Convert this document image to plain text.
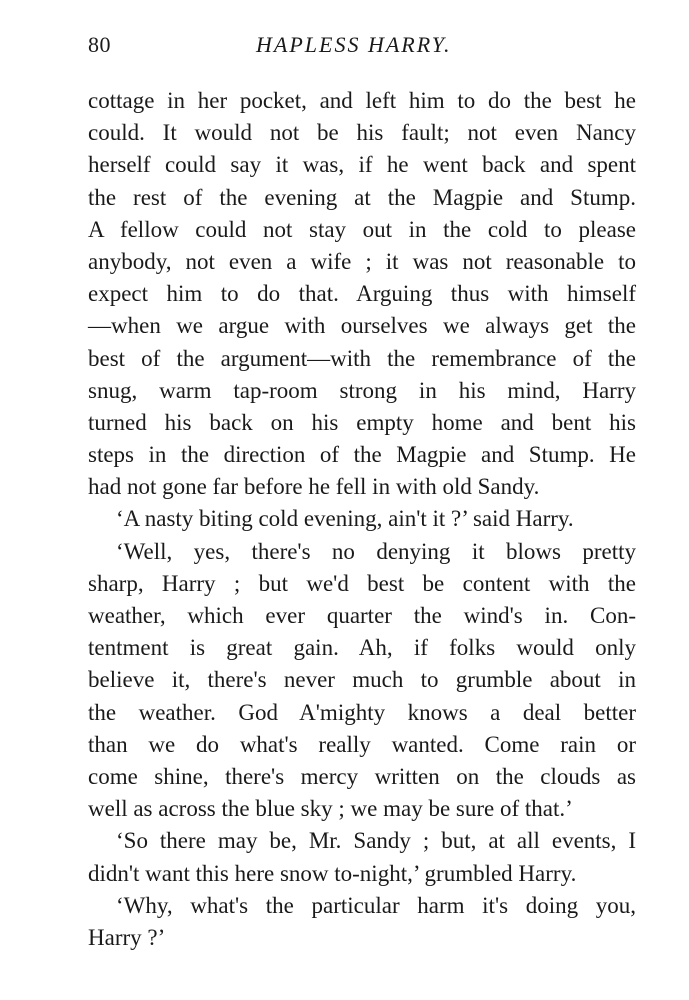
80	HAPLESS HARRY.
cottage in her pocket, and left him to do the best he
could. It would not be his fault; not even Nancy
herself could say it was, if he went back and spent
the rest of the evening at the Magpie and Stump.
A fellow could not stay out in the cold to please
anybody, not even a wife ; it was not reasonable to
expect him to do that. Arguing thus with himself
—when we argue with ourselves we always get the
best of the argument—with the remembrance of the
snug, warm tap-room strong in his mind, Harry
turned his back on his empty home and bent his
steps in the direction of the Magpie and Stump. He
had not gone far before he fell in with old Sandy.
‘A nasty biting cold evening, ain't it ?’ said Harry.
‘Well, yes, there's no denying it blows pretty
sharp, Harry ; but we'd best be content with the
weather, which ever quarter the wind's in. Con-
tentment is great gain. Ah, if folks would only
believe it, there's never much to grumble about in
the weather. God A'mighty knows a deal better
than we do what's really wanted. Come rain or
come shine, there's mercy written on the clouds as
well as across the blue sky ; we may be sure of that.’
‘So there may be, Mr. Sandy ; but, at all events, I
didn't want this here snow to-night,’ grumbled Harry.
‘Why, what's the particular harm it's doing you,
Harry ?’
